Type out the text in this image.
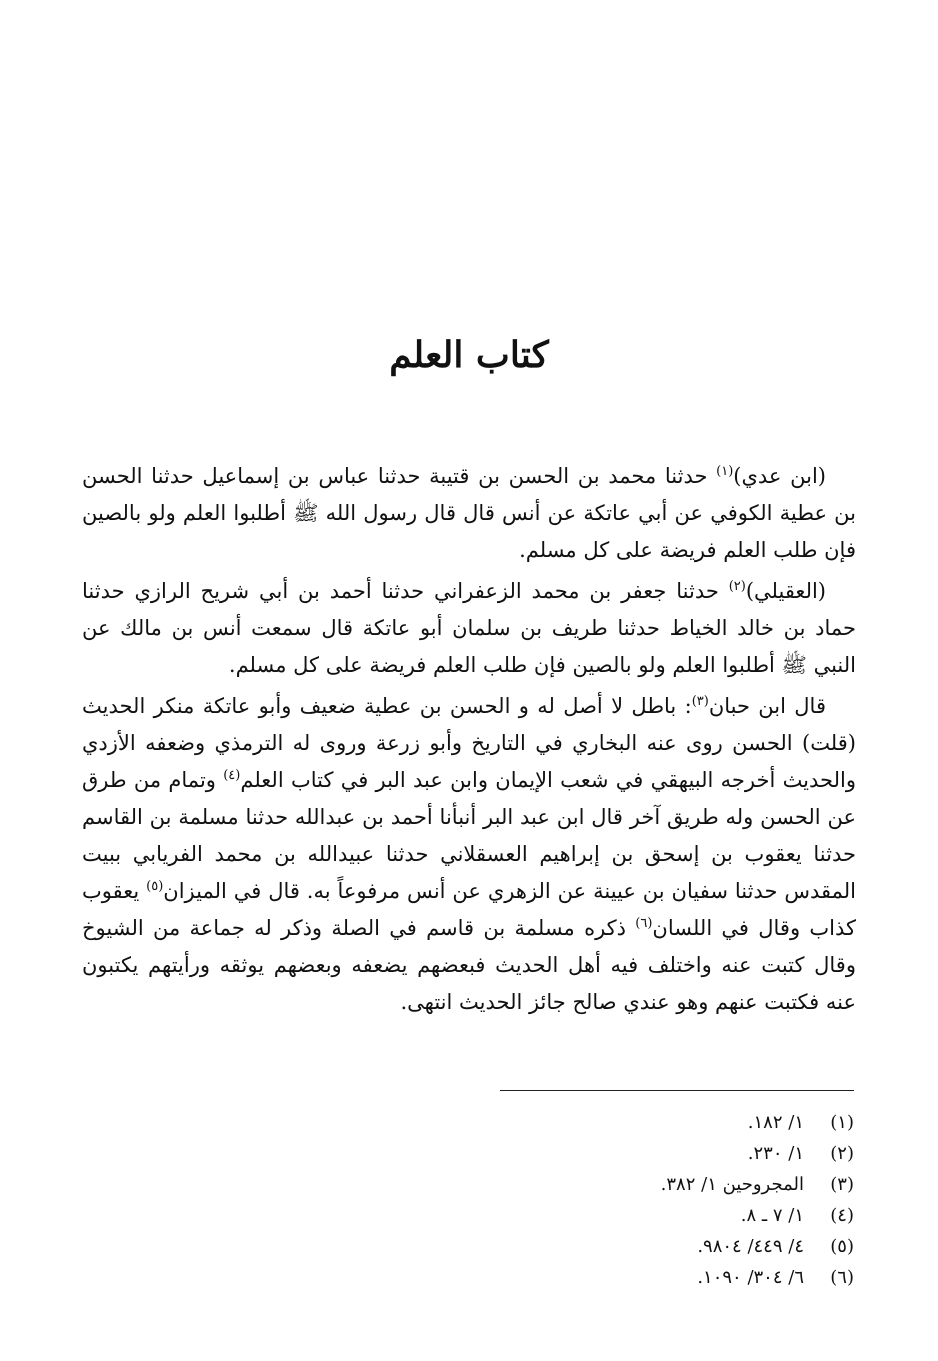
كتاب العلم

(ابن عدي)$^{(١)}$ حدثنا محمد بن الحسن بن قتيبة حدثنا عباس بن إسماعيل حدثنا الحسن بن عطية الكوفي عن أبي عاتكة عن أنس قال قال رسول الله ﷺ أطلبوا العلم ولو بالصين فإن طلب العلم فريضة على كل مسلم.

(العقيلي)$^{(٢)}$ حدثنا جعفر بن محمد الزعفراني حدثنا أحمد بن أبي شريح الرازي حدثنا حماد بن خالد الخياط حدثنا طريف بن سلمان أبو عاتكة قال سمعت أنس بن مالك عن النبي ﷺ أطلبوا العلم ولو بالصين فإن طلب العلم فريضة على كل مسلم.

قال ابن حبان$^{(٣)}$: باطل لا أصل له و الحسن بن عطية ضعيف وأبو عاتكة منكر الحديث (قلت) الحسن روى عنه البخاري في التاريخ وأبو زرعة وروى له الترمذي وضعفه الأزدي والحديث أخرجه البيهقي في شعب الإيمان وابن عبد البر في كتاب العلم$^{(٤)}$ وتمام من طرق عن الحسن وله طريق آخر قال ابن عبد البر أنبأنا أحمد بن عبدالله حدثنا مسلمة بن القاسم حدثنا يعقوب بن إسحق بن إبراهيم العسقلاني حدثنا عبيدالله بن محمد الفريابي ببيت المقدس حدثنا سفيان بن عيينة عن الزهري عن أنس مرفوعاً به. قال في الميزان$^{(٥)}$ يعقوب كذاب وقال في اللسان$^{(٦)}$ ذكره مسلمة بن قاسم في الصلة وذكر له جماعة من الشيوخ وقال كتبت عنه واختلف فيه أهل الحديث فبعضهم يضعفه وبعضهم يوثقه ورأيتهم يكتبون عنه فكتبت عنهم وهو عندي صالح جائز الحديث انتهى.

(١)
١/ ١٨٢.
(٢)
١/ ٢٣٠.
(٣)
المجروحين ١/ ٣٨٢.
(٤)
١/ ٧ ـ ٨.
(٥)
٤/ ٤٤٩/ ٩٨٠٤.
(٦)
٦/ ٣٠٤/ ١٠٩٠.
